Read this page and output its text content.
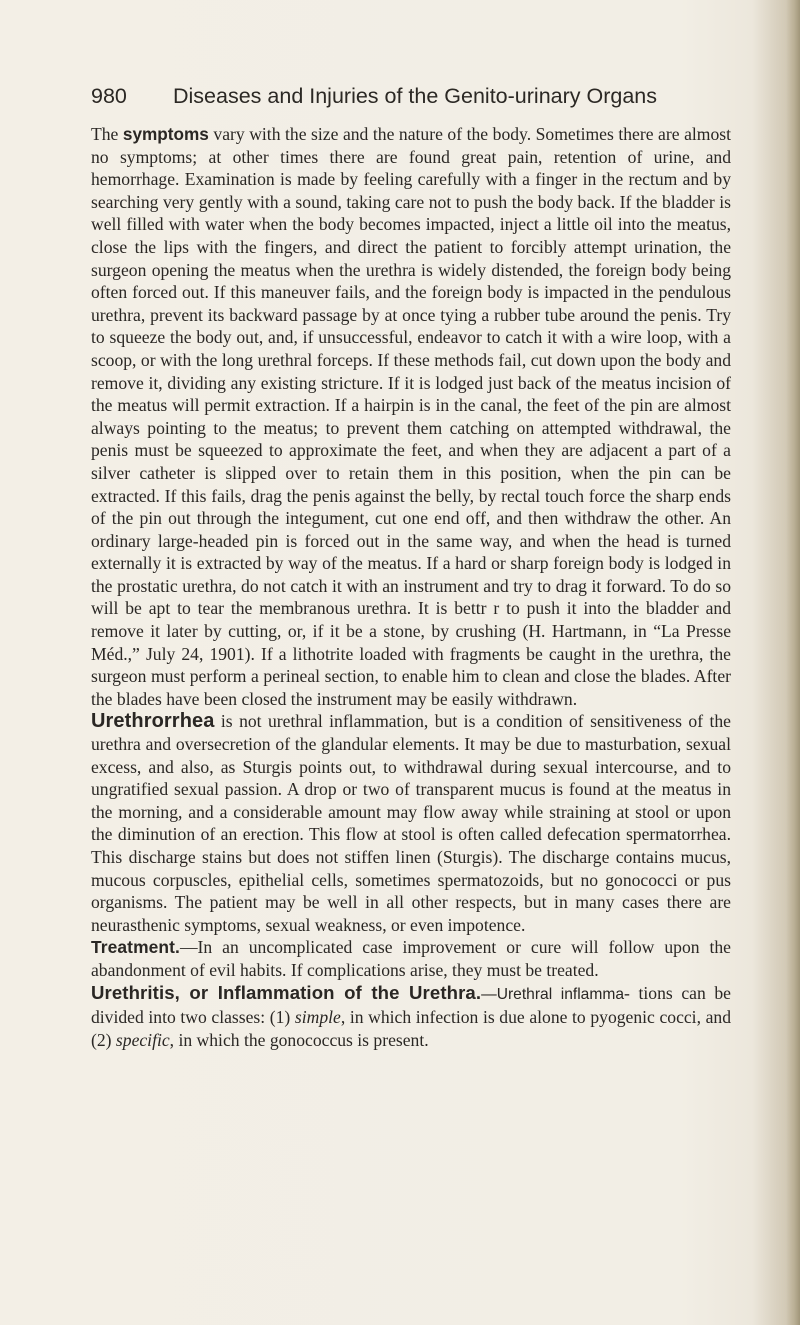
980 Diseases and Injuries of the Genito-urinary Organs

The symptoms vary with the size and the nature of the body. Sometimes there are almost no symptoms; at other times there are found great pain, retention of urine, and hemorrhage. Examination is made by feeling carefully with a finger in the rectum and by searching very gently with a sound, taking care not to push the body back. If the bladder is well filled with water when the body becomes impacted, inject a little oil into the meatus, close the lips with the fingers, and direct the patient to forcibly attempt urination, the surgeon opening the meatus when the urethra is widely distended, the foreign body being often forced out. If this maneuver fails, and the foreign body is impacted in the pendulous urethra, prevent its backward passage by at once tying a rubber tube around the penis. Try to squeeze the body out, and, if unsuccessful, endeavor to catch it with a wire loop, with a scoop, or with the long urethral forceps. If these methods fail, cut down upon the body and remove it, dividing any existing stricture. If it is lodged just back of the meatus incision of the meatus will permit extraction. If a hairpin is in the canal, the feet of the pin are almost always pointing to the meatus; to prevent them catching on attempted withdrawal, the penis must be squeezed to approximate the feet, and when they are adjacent a part of a silver catheter is slipped over to retain them in this position, when the pin can be extracted. If this fails, drag the penis against the belly, by rectal touch force the sharp ends of the pin out through the integument, cut one end off, and then withdraw the other. An ordinary large-headed pin is forced out in the same way, and when the head is turned externally it is extracted by way of the meatus. If a hard or sharp foreign body is lodged in the prostatic urethra, do not catch it with an instrument and try to drag it forward. To do so will be apt to tear the membranous urethra. It is bettr r to push it into the bladder and remove it later by cutting, or, if it be a stone, by crushing (H. Hartmann, in “La Presse Méd.,” July 24, 1901). If a lithotrite loaded with fragments be caught in the urethra, the surgeon must perform a perineal section, to enable him to clean and close the blades. After the blades have been closed the instrument may be easily withdrawn.

Urethrorrhea is not urethral inflammation, but is a condition of sensitiveness of the urethra and oversecretion of the glandular elements. It may be due to masturbation, sexual excess, and also, as Sturgis points out, to withdrawal during sexual intercourse, and to ungratified sexual passion. A drop or two of transparent mucus is found at the meatus in the morning, and a considerable amount may flow away while straining at stool or upon the diminution of an erection. This flow at stool is often called defecation spermatorrhea. This discharge stains but does not stiffen linen (Sturgis). The discharge contains mucus, mucous corpuscles, epithelial cells, sometimes spermatozoids, but no gonococci or pus organisms. The patient may be well in all other respects, but in many cases there are neurasthenic symptoms, sexual weakness, or even impotence.

Treatment.—In an uncomplicated case improvement or cure will follow upon the abandonment of evil habits. If complications arise, they must be treated.

Urethritis, or Inflammation of the Urethra.—Urethral inflamma- tions can be divided into two classes: (1) simple, in which infection is due alone to pyogenic cocci, and (2) specific, in which the gonococcus is present.
